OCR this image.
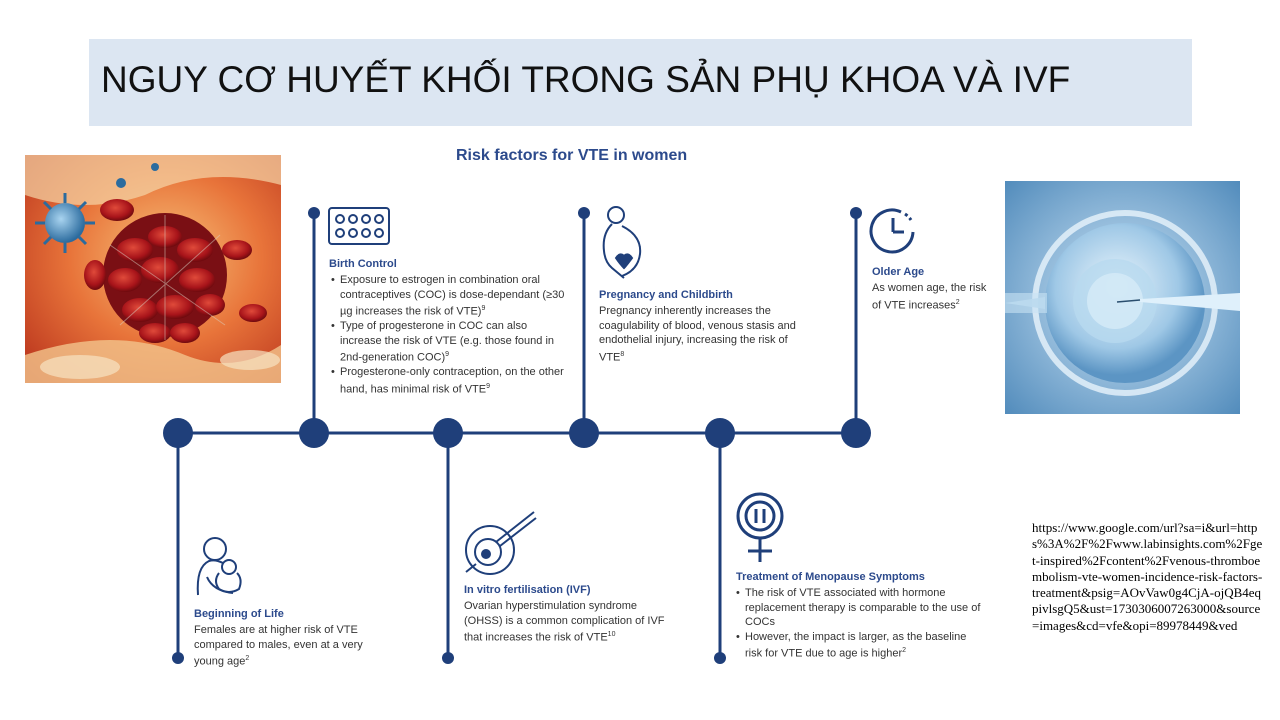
NGUY CƠ HUYẾT KHỐI TRONG SẢN PHỤ KHOA VÀ IVF
Risk factors for VTE in women
Birth Control
• Exposure to estrogen in combination oral contraceptives (COC) is dose-dependant (≥30 µg increases the risk of VTE)$^9$
• Type of progesterone in COC can also increase the risk of VTE (e.g. those found in 2nd-generation COC)$^9$
• Progesterone-only contraception, on the other hand, has minimal risk of VTE$^9$
Pregnancy and Childbirth
Pregnancy inherently increases the coagulability of blood, venous stasis and endothelial injury, increasing the risk of VTE$^8$
Older Age
As women age, the risk of VTE increases$^2$
Beginning of Life
Females are at higher risk of VTE compared to males, even at a very young age$^2$
In vitro fertilisation (IVF)
Ovarian hyperstimulation syndrome (OHSS) is a common complication of IVF that increases the risk of VTE$^{10}$
Treatment of Menopause Symptoms
• The risk of VTE associated with hormone replacement therapy is comparable to the use of COCs
• However, the impact is larger, as the baseline risk for VTE due to age is higher$^2$
https://www.google.com/url?sa=i&url=https%3A%2F%2Fwww.labinsights.com%2Fget-inspired%2Fcontent%2Fvenous-thromboembolism-vte-women-incidence-risk-factors-treatment&psig=AOvVaw0g4CjA-ojQB4eqpivlsgQ5&ust=1730306007263000&source=images&cd=vfe&opi=89978449&ved
